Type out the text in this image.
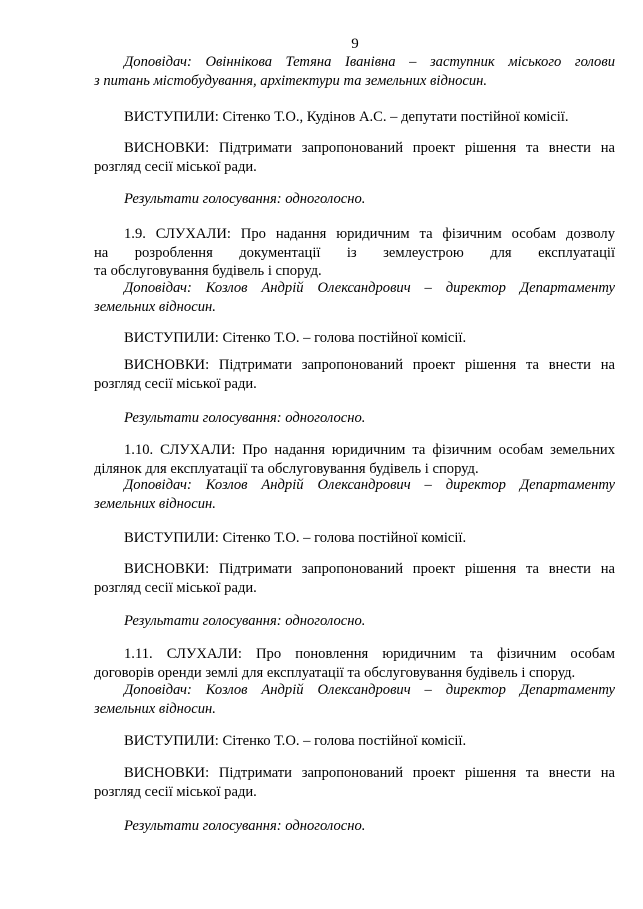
9
Доповідач: Овіннікова Тетяна Іванівна – заступник міського голови
з питань містобудування, архітектури та земельних відносин.
ВИСТУПИЛИ: Сітенко Т.О., Кудінов А.С. – депутати постійної комісії.
ВИСНОВКИ: Підтримати запропонований проект рішення та внести на
розгляд сесії міської ради.
Результати голосування: одноголосно.
1.9. СЛУХАЛИ: Про надання юридичним та фізичним особам дозволу
на розроблення документації із землеустрою для експлуатації
та обслуговування будівель і споруд.
Доповідач: Козлов Андрій Олександрович – директор Департаменту
земельних відносин.
ВИСТУПИЛИ: Сітенко Т.О. – голова постійної комісії.
ВИСНОВКИ: Підтримати запропонований проект рішення та внести на
розгляд сесії міської ради.
Результати голосування: одноголосно.
1.10. СЛУХАЛИ: Про надання юридичним та фізичним особам земельних
ділянок для експлуатації та обслуговування будівель і споруд.
Доповідач: Козлов Андрій Олександрович – директор Департаменту
земельних відносин.
ВИСТУПИЛИ: Сітенко Т.О. – голова постійної комісії.
ВИСНОВКИ: Підтримати запропонований проект рішення та внести на
розгляд сесії міської ради.
Результати голосування: одноголосно.
1.11. СЛУХАЛИ: Про поновлення юридичним та фізичним особам
договорів оренди землі для експлуатації та обслуговування будівель і споруд.
Доповідач: Козлов Андрій Олександрович – директор Департаменту
земельних відносин.
ВИСТУПИЛИ: Сітенко Т.О. – голова постійної комісії.
ВИСНОВКИ: Підтримати запропонований проект рішення та внести на
розгляд сесії міської ради.
Результати голосування: одноголосно.
